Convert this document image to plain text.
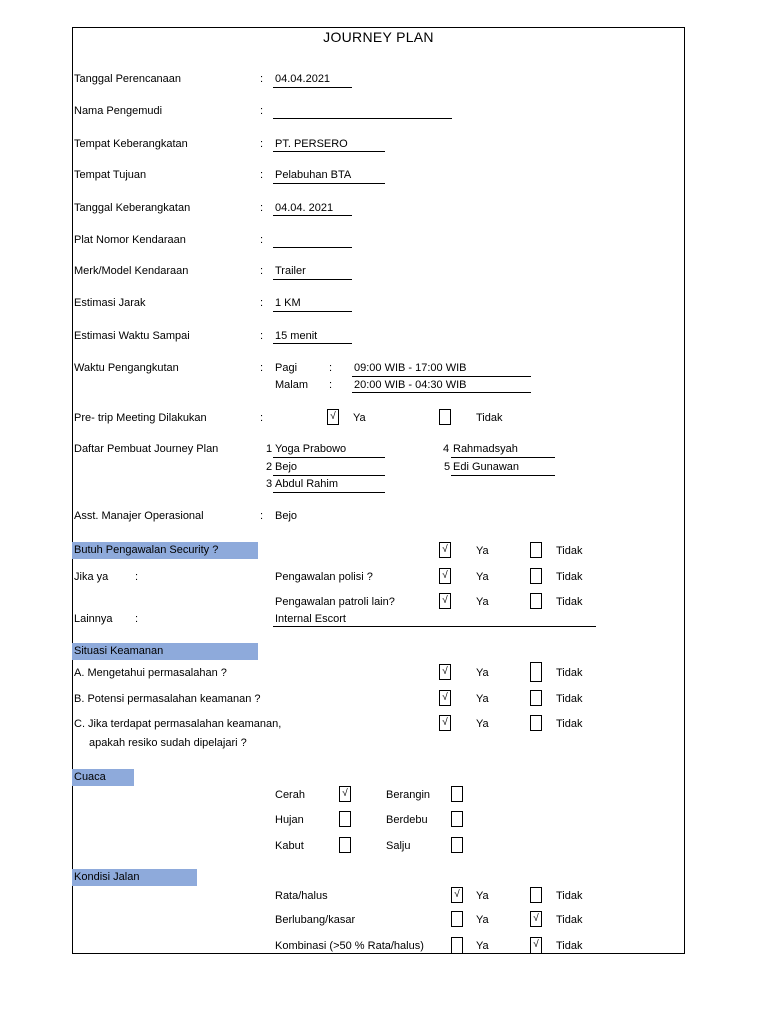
JOURNEY PLAN
Tanggal Perencanaan	: 04.04.2021
Nama Pengemudi	:
Tempat Keberangkatan	: PT. PERSERO
Tempat Tujuan	: Pelabuhan BTA
Tanggal Keberangkatan	: 04.04. 2021
Plat Nomor Kendaraan	:
Merk/Model Kendaraan	: Trailer
Estimasi Jarak	: 1 KM
Estimasi Waktu Sampai	: 15 menit
Waktu Pengangkutan	: Pagi	: 09:00 WIB - 17:00 WIB
Malam : 20:00 WIB - 04:30 WIB
Pre- trip Meeting Dilakukan	:	√ Ya	Tidak
Daftar Pembuat Journey Plan	1 Yoga Prabowo
2 Bejo
3 Abdul Rahim
4 Rahmadsyah
5 Edi Gunawan
Asst. Manajer Operasional	: Bejo
Butuh Pengawalan Security ?	√	Ya	Tidak
Jika ya :	Pengawalan polisi ?	√	Ya	Tidak
Pengawalan patroli lain?	√	Ya	Tidak
Lainnya :	Internal Escort
Situasi Keamanan
A. Mengetahui permasalahan ?	√	Ya	Tidak
B. Potensi permasalahan keamanan ?	√	Ya	Tidak
C. Jika terdapat permasalahan keamanan,
apakah resiko sudah dipelajari ?
√	Ya	Tidak
Cuaca
Cerah	√	Berangin
Hujan	Berdebu
Kabut	Salju
Kondisi Jalan
Rata/halus	√ Ya	Tidak
Berlubang/kasar	Ya	√ Tidak
Kombinasi (>50 % Rata/halus)	Ya	√ Tidak
